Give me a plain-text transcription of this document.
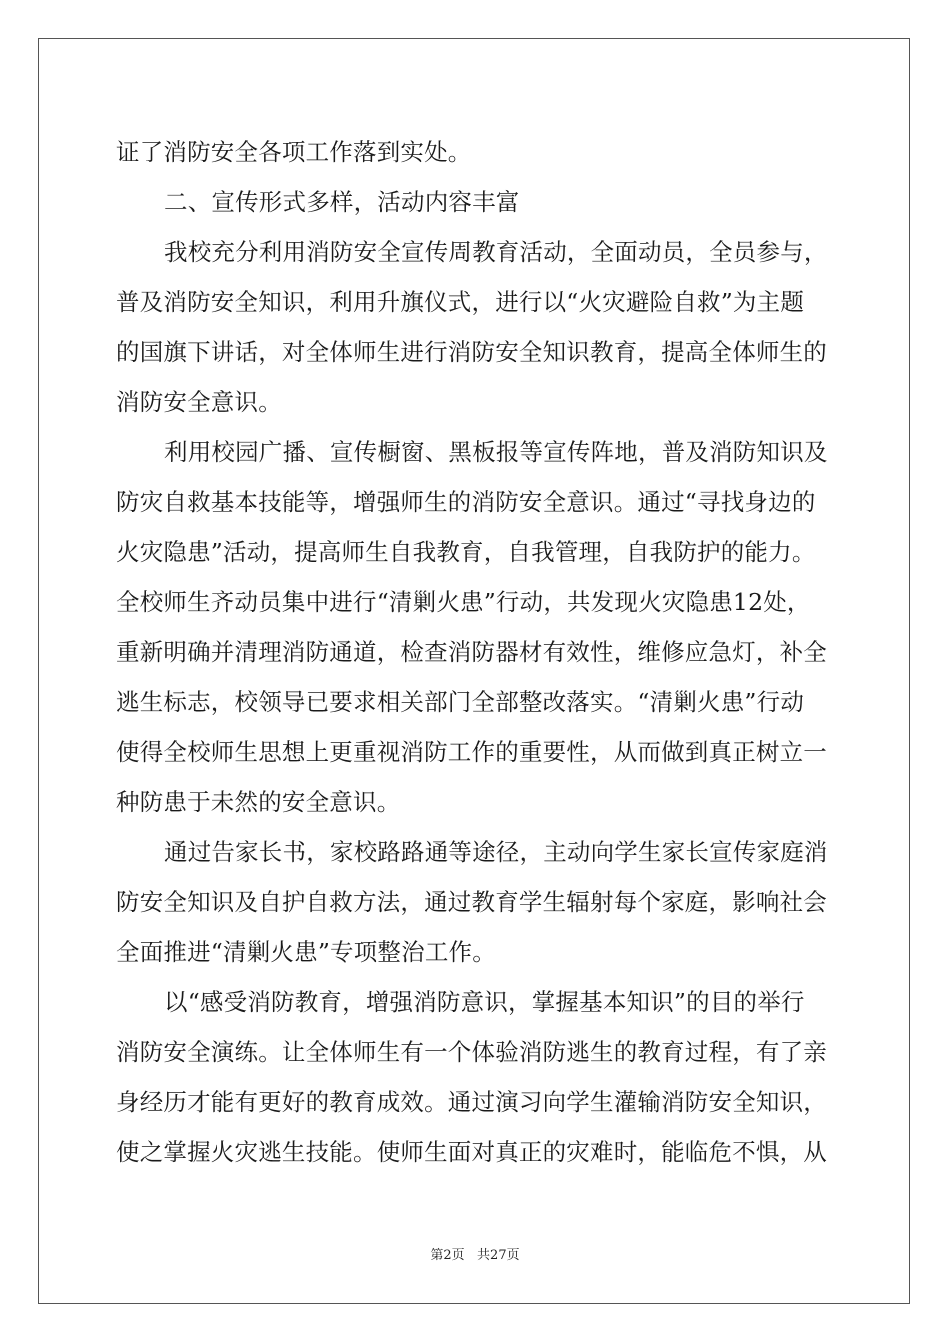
证了消防安全各项工作落到实处。
二、宣传形式多样，活动内容丰富
我校充分利用消防安全宣传周教育活动，全面动员，全员参与，
普及消防安全知识，利用升旗仪式，进行以“火灾避险自救”为主题
的国旗下讲话，对全体师生进行消防安全知识教育，提高全体师生的
消防安全意识。
利用校园广播、宣传橱窗、黑板报等宣传阵地，普及消防知识及
防灾自救基本技能等，增强师生的消防安全意识。通过“寻找身边的
火灾隐患”活动，提高师生自我教育，自我管理，自我防护的能力。
全校师生齐动员集中进行“清剿火患”行动，共发现火灾隐患12处，
重新明确并清理消防通道，检查消防器材有效性，维修应急灯，补全
逃生标志，校领导已要求相关部门全部整改落实。“清剿火患”行动
使得全校师生思想上更重视消防工作的重要性，从而做到真正树立一
种防患于未然的安全意识。
通过告家长书，家校路路通等途径，主动向学生家长宣传家庭消
防安全知识及自护自救方法，通过教育学生辐射每个家庭，影响社会
全面推进“清剿火患”专项整治工作。
以“感受消防教育，增强消防意识，掌握基本知识”的目的举行
消防安全演练。让全体师生有一个体验消防逃生的教育过程，有了亲
身经历才能有更好的教育成效。通过演习向学生灌输消防安全知识，
使之掌握火灾逃生技能。使师生面对真正的灾难时，能临危不惧，从
第2页   共27页
